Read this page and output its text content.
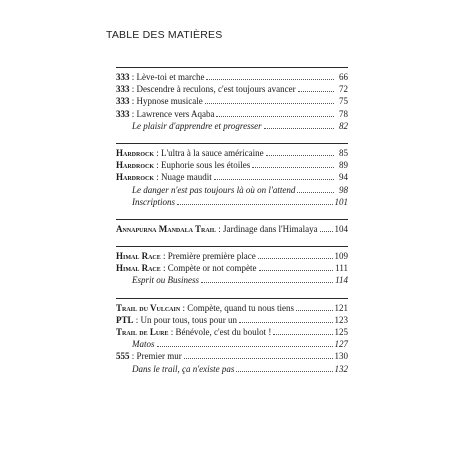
TABLE DES MATIÈRES
333 : Lève-toi et marche	66
333 : Descendre à reculons, c'est toujours avancer	72
333 : Hypnose musicale	75
333 : Lawrence vers Aqaba	78
Le plaisir d'apprendre et progresser	82
Hardrock : L'ultra à la sauce américaine	85
Hardrock : Euphorie sous les étoiles	89
Hardrock : Nuage maudit	94
Le danger n'est pas toujours là où on l'attend	98
Inscriptions	101
Annapurna Mandala Trail : Jardinage dans l'Himalaya 104
Himal Race : Première première place	109
Himal Race : Compète or not compète	111
Esprit ou Business	114
Trail du Vulcain : Compète, quand tu nous tiens	121
PTL : Un pour tous, tous pour un	123
Trail de Lure : Bénévole, c'est du boulot !	125
Matos	127
555 : Premier mur	130
Dans le trail, ça n'existe pas	132
